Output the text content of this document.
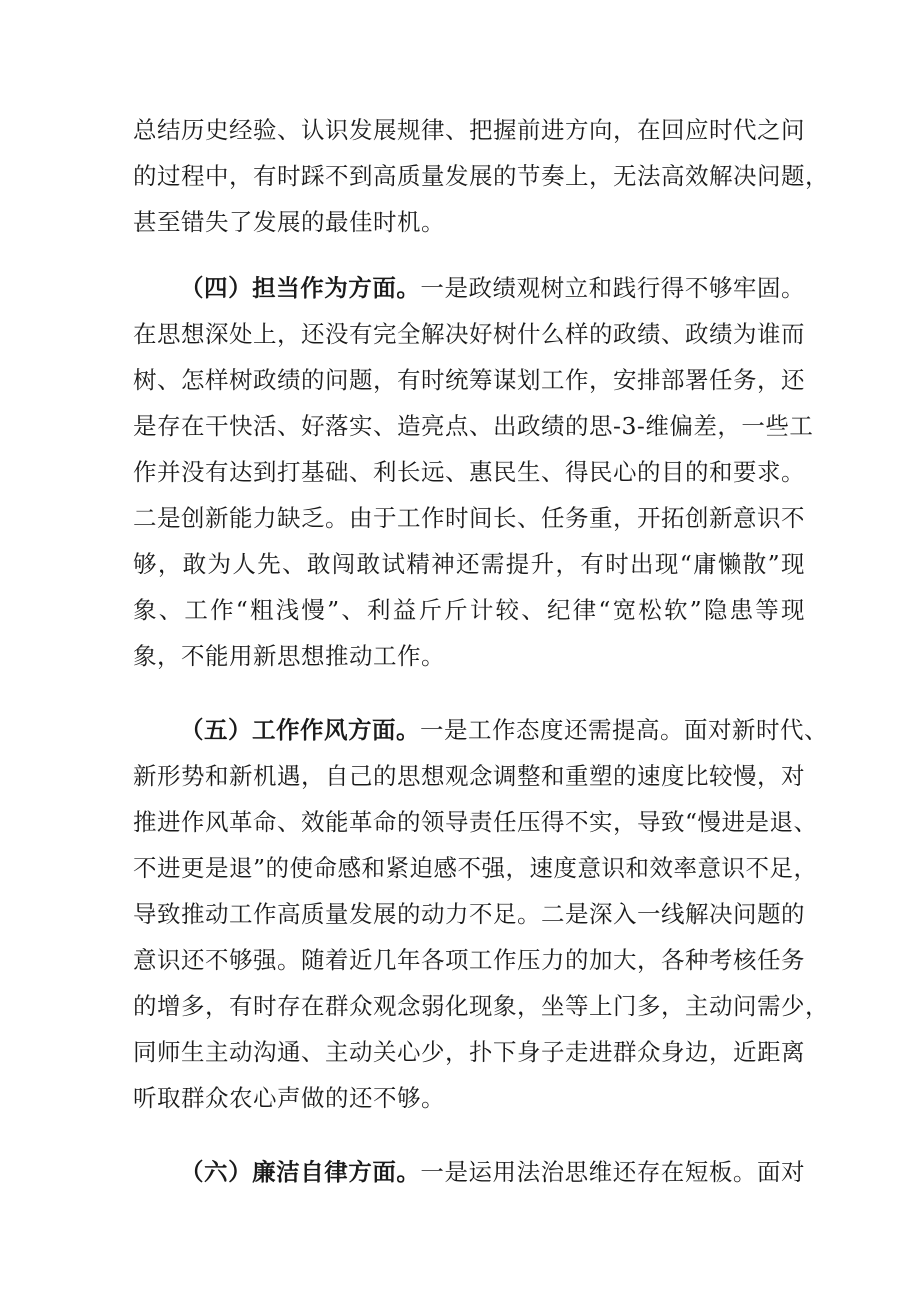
总结历史经验、认识发展规律、把握前进方向，在回应时代之问
的过程中，有时踩不到高质量发展的节奏上，无法高效解决问题，
甚至错失了发展的最佳时机。
（四）担当作为方面。一是政绩观树立和践行得不够牢固。
在思想深处上，还没有完全解决好树什么样的政绩、政绩为谁而
树、怎样树政绩的问题，有时统筹谋划工作，安排部署任务，还
是存在干快活、好落实、造亮点、出政绩的思-3-维偏差，一些工
作并没有达到打基础、利长远、惠民生、得民心的目的和要求。
二是创新能力缺乏。由于工作时间长、任务重，开拓创新意识不
够，敢为人先、敢闯敢试精神还需提升，有时出现“庸懒散”现
象、工作“粗浅慢”、利益斤斤计较、纪律“宽松软”隐患等现
象，不能用新思想推动工作。
（五）工作作风方面。一是工作态度还需提高。面对新时代、
新形势和新机遇，自己的思想观念调整和重塑的速度比较慢，对
推进作风革命、效能革命的领导责任压得不实，导致“慢进是退、
不进更是退”的使命感和紧迫感不强，速度意识和效率意识不足，
导致推动工作高质量发展的动力不足。二是深入一线解决问题的
意识还不够强。随着近几年各项工作压力的加大，各种考核任务
的增多，有时存在群众观念弱化现象，坐等上门多，主动问需少，
同师生主动沟通、主动关心少，扑下身子走进群众身边，近距离
听取群众农心声做的还不够。
（六）廉洁自律方面。一是运用法治思维还存在短板。面对
